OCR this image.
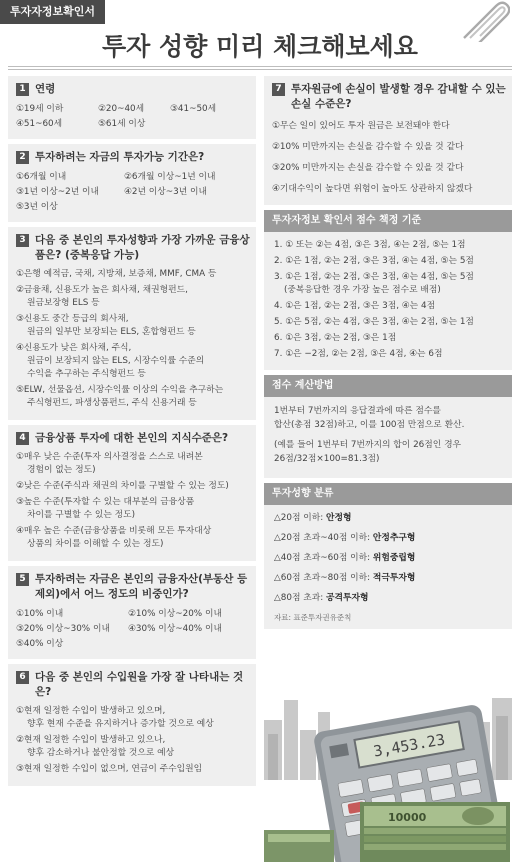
투자자정보확인서
투자 성향 미리 체크해보세요
1 연령
①19세 이하	②20~40세	③41~50세
④51~60세	⑤61세 이상
2 투자하려는 자금의 투자가능 기간은?
①6개월 이내	②6개월 이상~1년 이내
③1년 이상~2년 이내	④2년 이상~3년 이내
⑤3년 이상
3 다음 중 본인의 투자성향과 가장 가까운 금융상품은? (중복응답 가능)
①은행 예적금, 국채, 지방채, 보증채, MMF, CMA 등
②금융채, 신용도가 높은 회사채, 채권형펀드,
원금보장형 ELS 등
③신용도 중간 등급의 회사채,
원금의 일부만 보장되는 ELS, 혼합형펀드 등
④신용도가 낮은 회사채, 주식,
원금이 보장되지 않는 ELS, 시장수익률 수준의
수익을 추구하는 주식형펀드 등
⑤ELW, 선물옵션, 시장수익률 이상의 수익을 추구하는
주식형펀드, 파생상품펀드, 주식 신용거래 등
4 금융상품 투자에 대한 본인의 지식수준은?
①매우 낮은 수준(투자 의사결정을 스스로 내려본
경험이 없는 정도)
②낮은 수준(주식과 채권의 차이를 구별할 수 있는 정도)
③높은 수준(투자할 수 있는 대부분의 금융상품
차이를 구별할 수 있는 정도)
④매우 높은 수준(금융상품을 비롯해 모든 투자대상
상품의 차이를 이해할 수 있는 정도)
5 투자하려는 자금은 본인의 금융자산(부동산 등 제외)에서 어느 정도의 비중인가?
①10% 이내	②10% 이상~20% 이내
③20% 이상~30% 이내	④30% 이상~40% 이내
⑤40% 이상
6 다음 중 본인의 수입원을 가장 잘 나타내는 것은?
①현재 일정한 수입이 발생하고 있으며,
향후 현재 수준을 유지하거나 증가할 것으로 예상
②현재 일정한 수입이 발생하고 있으나,
향후 감소하거나 불안정할 것으로 예상
③현재 일정한 수입이 없으며, 연금이 주수입원임
7 투자원금에 손실이 발생할 경우 감내할 수 있는 손실 수준은?
①무슨 일이 있어도 투자 원금은 보전돼야 한다
②10% 미만까지는 손실을 감수할 수 있을 것 같다
③20% 미만까지는 손실을 감수할 수 있을 것 같다
④기대수익이 높다면 위험이 높아도 상관하지 않겠다
투자자정보 확인서 점수 책정 기준
1. ① 또는 ②는 4점, ③은 3점, ④는 2점, ⑤는 1점
2. ①은 1점, ②는 2점, ③은 3점, ④는 4점, ⑤는 5점
3. ①은 1점, ②는 2점, ③은 3점, ④는 4점, ⑤는 5점
(중복응답한 경우 가장 높은 점수로 배점)
4. ①은 1점, ②는 2점, ③은 3점, ④는 4점
5. ①은 5점, ②는 4점, ③은 3점, ④는 2점, ⑤는 1점
6. ①은 3점, ②는 2점, ③은 1점
7. ①은 −2점, ②는 2점, ③은 4점, ④는 6점
점수 계산방법
1번부터 7번까지의 응답결과에 따른 점수를
합산(총점 32점)하고, 이를 100점 만점으로 환산.
(예를 들어 1번부터 7번까지의 합이 26점인 경우
26점/32점×100=81.3점)
투자성향 분류
△20점 이하: 안정형
△20점 초과~40점 이하: 안정추구형
△40점 초과~60점 이하: 위험중립형
△60점 초과~80점 이하: 적극투자형
△80점 초과: 공격투자형
자료: 표준투자권유준칙
3,453.23
10000
